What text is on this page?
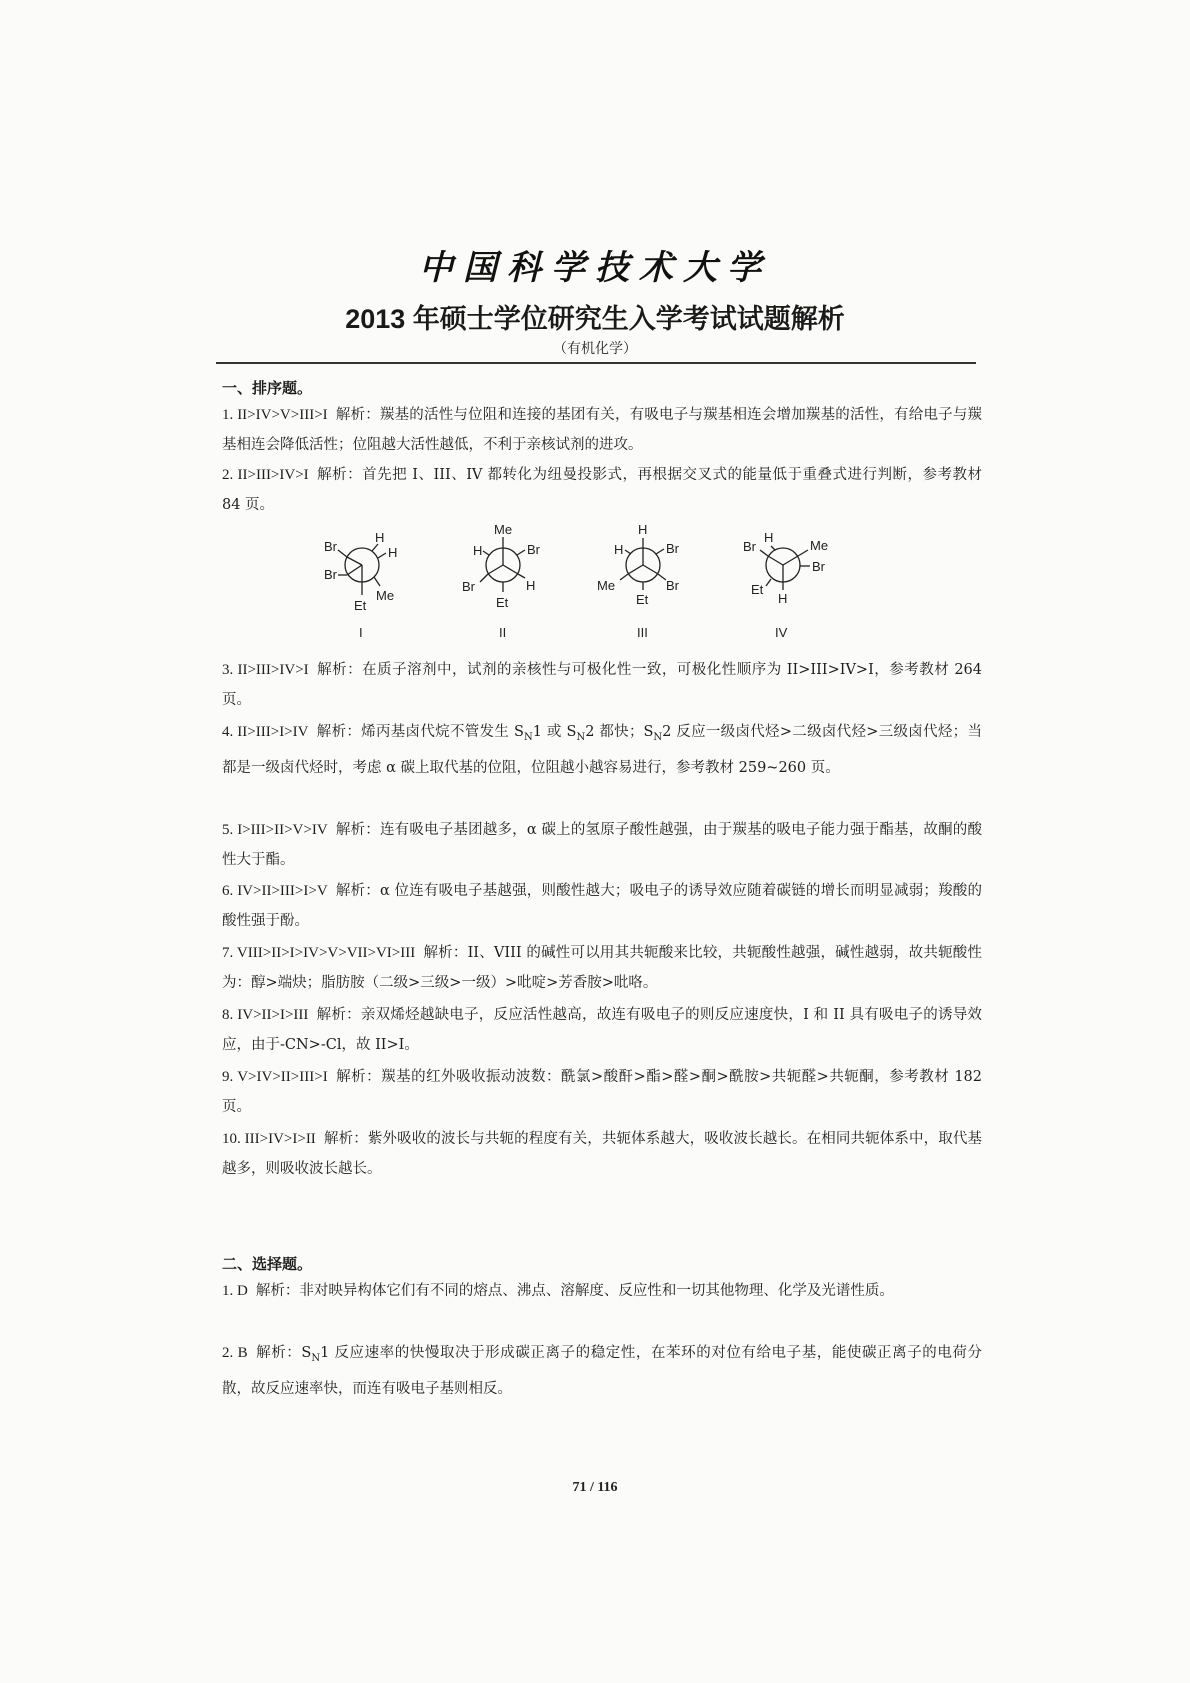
中国科学技术大学
2013 年硕士学位研究生入学考试试题解析
（有机化学）
一、排序题。
1. II>IV>V>III>I 解析：羰基的活性与位阻和连接的基团有关，有吸电子与羰基相连会增加羰基的活性，有给电子与羰基相连会降低活性；位阻越大活性越低，不利于亲核试剂的进攻。
2. II>III>IV>I 解析：首先把 I、III、IV 都转化为纽曼投影式，再根据交叉式的能量低于重叠式进行判断，参考教材 84 页。
Br
Br
Et
H
H
Me
I
Me
Br
Br
H
H
Et
II
H
Me
Et
H	Br
Br
III
Br
H
Et
Me
Br
H
IV
3. II>III>IV>I 解析：在质子溶剂中，试剂的亲核性与可极化性一致，可极化性顺序为 II>III>IV>I，参考教材 264 页。
4. II>III>I>IV 解析：烯丙基卤代烷不管发生 $S_N1$ 或 $S_N2$ 都快；$S_N2$ 反应一级卤代烃>二级卤代烃>三级卤代烃；当都是一级卤代烃时，考虑 α 碳上取代基的位阻，位阻越小越容易进行，参考教材 259~260 页。
5. I>III>II>V>IV 解析：连有吸电子基团越多，α 碳上的氢原子酸性越强，由于羰基的吸电子能力强于酯基，故酮的酸性大于酯。
6. IV>II>III>I>V 解析：α 位连有吸电子基越强，则酸性越大；吸电子的诱导效应随着碳链的增长而明显减弱；羧酸的酸性强于酚。
7. VIII>II>I>IV>V>VII>VI>III 解析：II、VIII 的碱性可以用其共轭酸来比较，共轭酸性越强，碱性越弱，故共轭酸性为：醇>端炔；脂肪胺（二级>三级>一级）>吡啶>芳香胺>吡咯。
8. IV>II>I>III 解析：亲双烯烃越缺电子，反应活性越高，故连有吸电子的则反应速度快，I 和 II 具有吸电子的诱导效应，由于-CN>-Cl，故 II>I。
9. V>IV>II>III>I 解析：羰基的红外吸收振动波数：酰氯>酸酐>酯>醛>酮>酰胺>共轭醛>共轭酮，参考教材 182 页。
10. III>IV>I>II 解析：紫外吸收的波长与共轭的程度有关，共轭体系越大，吸收波长越长。在相同共轭体系中，取代基越多，则吸收波长越长。
二、选择题。
1. D 解析：非对映异构体它们有不同的熔点、沸点、溶解度、反应性和一切其他物理、化学及光谱性质。
2. B 解析：$S_N1$ 反应速率的快慢取决于形成碳正离子的稳定性，在苯环的对位有给电子基，能使碳正离子的电荷分散，故反应速率快，而连有吸电子基则相反。
71 / 116
